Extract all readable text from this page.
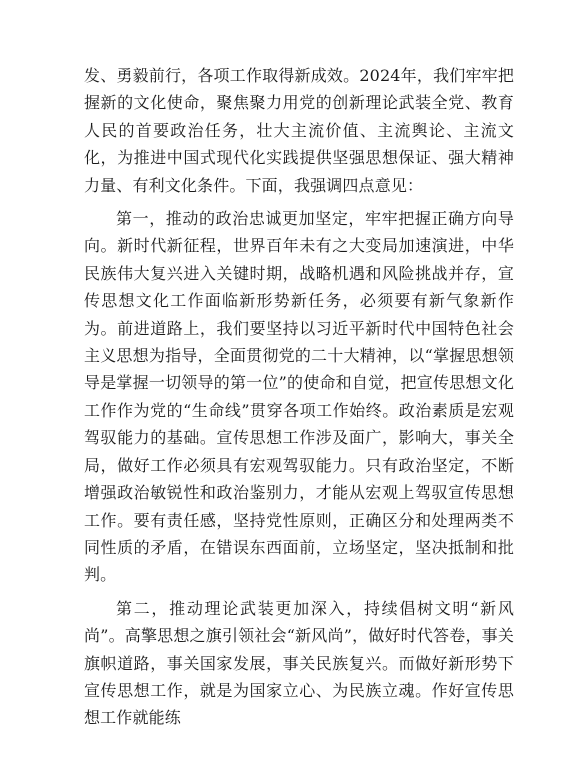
发、勇毅前行，各项工作取得新成效。2024年，我们牢牢把握新的文化使命，聚焦聚力用党的创新理论武装全党、教育人民的首要政治任务，壮大主流价值、主流舆论、主流文化，为推进中国式现代化实践提供坚强思想保证、强大精神力量、有利文化条件。下面，我强调四点意见：

第一，推动的政治忠诚更加坚定，牢牢把握正确方向导向。新时代新征程，世界百年未有之大变局加速演进，中华民族伟大复兴进入关键时期，战略机遇和风险挑战并存，宣传思想文化工作面临新形势新任务，必须要有新气象新作为。前进道路上，我们要坚持以习近平新时代中国特色社会主义思想为指导，全面贯彻党的二十大精神，以“掌握思想领导是掌握一切领导的第一位”的使命和自觉，把宣传思想文化工作作为党的“生命线”贯穿各项工作始终。政治素质是宏观驾驭能力的基础。宣传思想工作涉及面广，影响大，事关全局，做好工作必须具有宏观驾驭能力。只有政治坚定，不断增强政治敏锐性和政治鉴别力，才能从宏观上驾驭宣传思想工作。要有责任感，坚持党性原则，正确区分和处理两类不同性质的矛盾，在错误东西面前，立场坚定，坚决抵制和批判。

第二，推动理论武装更加深入，持续倡树文明“新风尚”。高擎思想之旗引领社会“新风尚”，做好时代答卷，事关旗帜道路，事关国家发展，事关民族复兴。而做好新形势下宣传思想工作，就是为国家立心、为民族立魂。作好宣传思想工作就能练
